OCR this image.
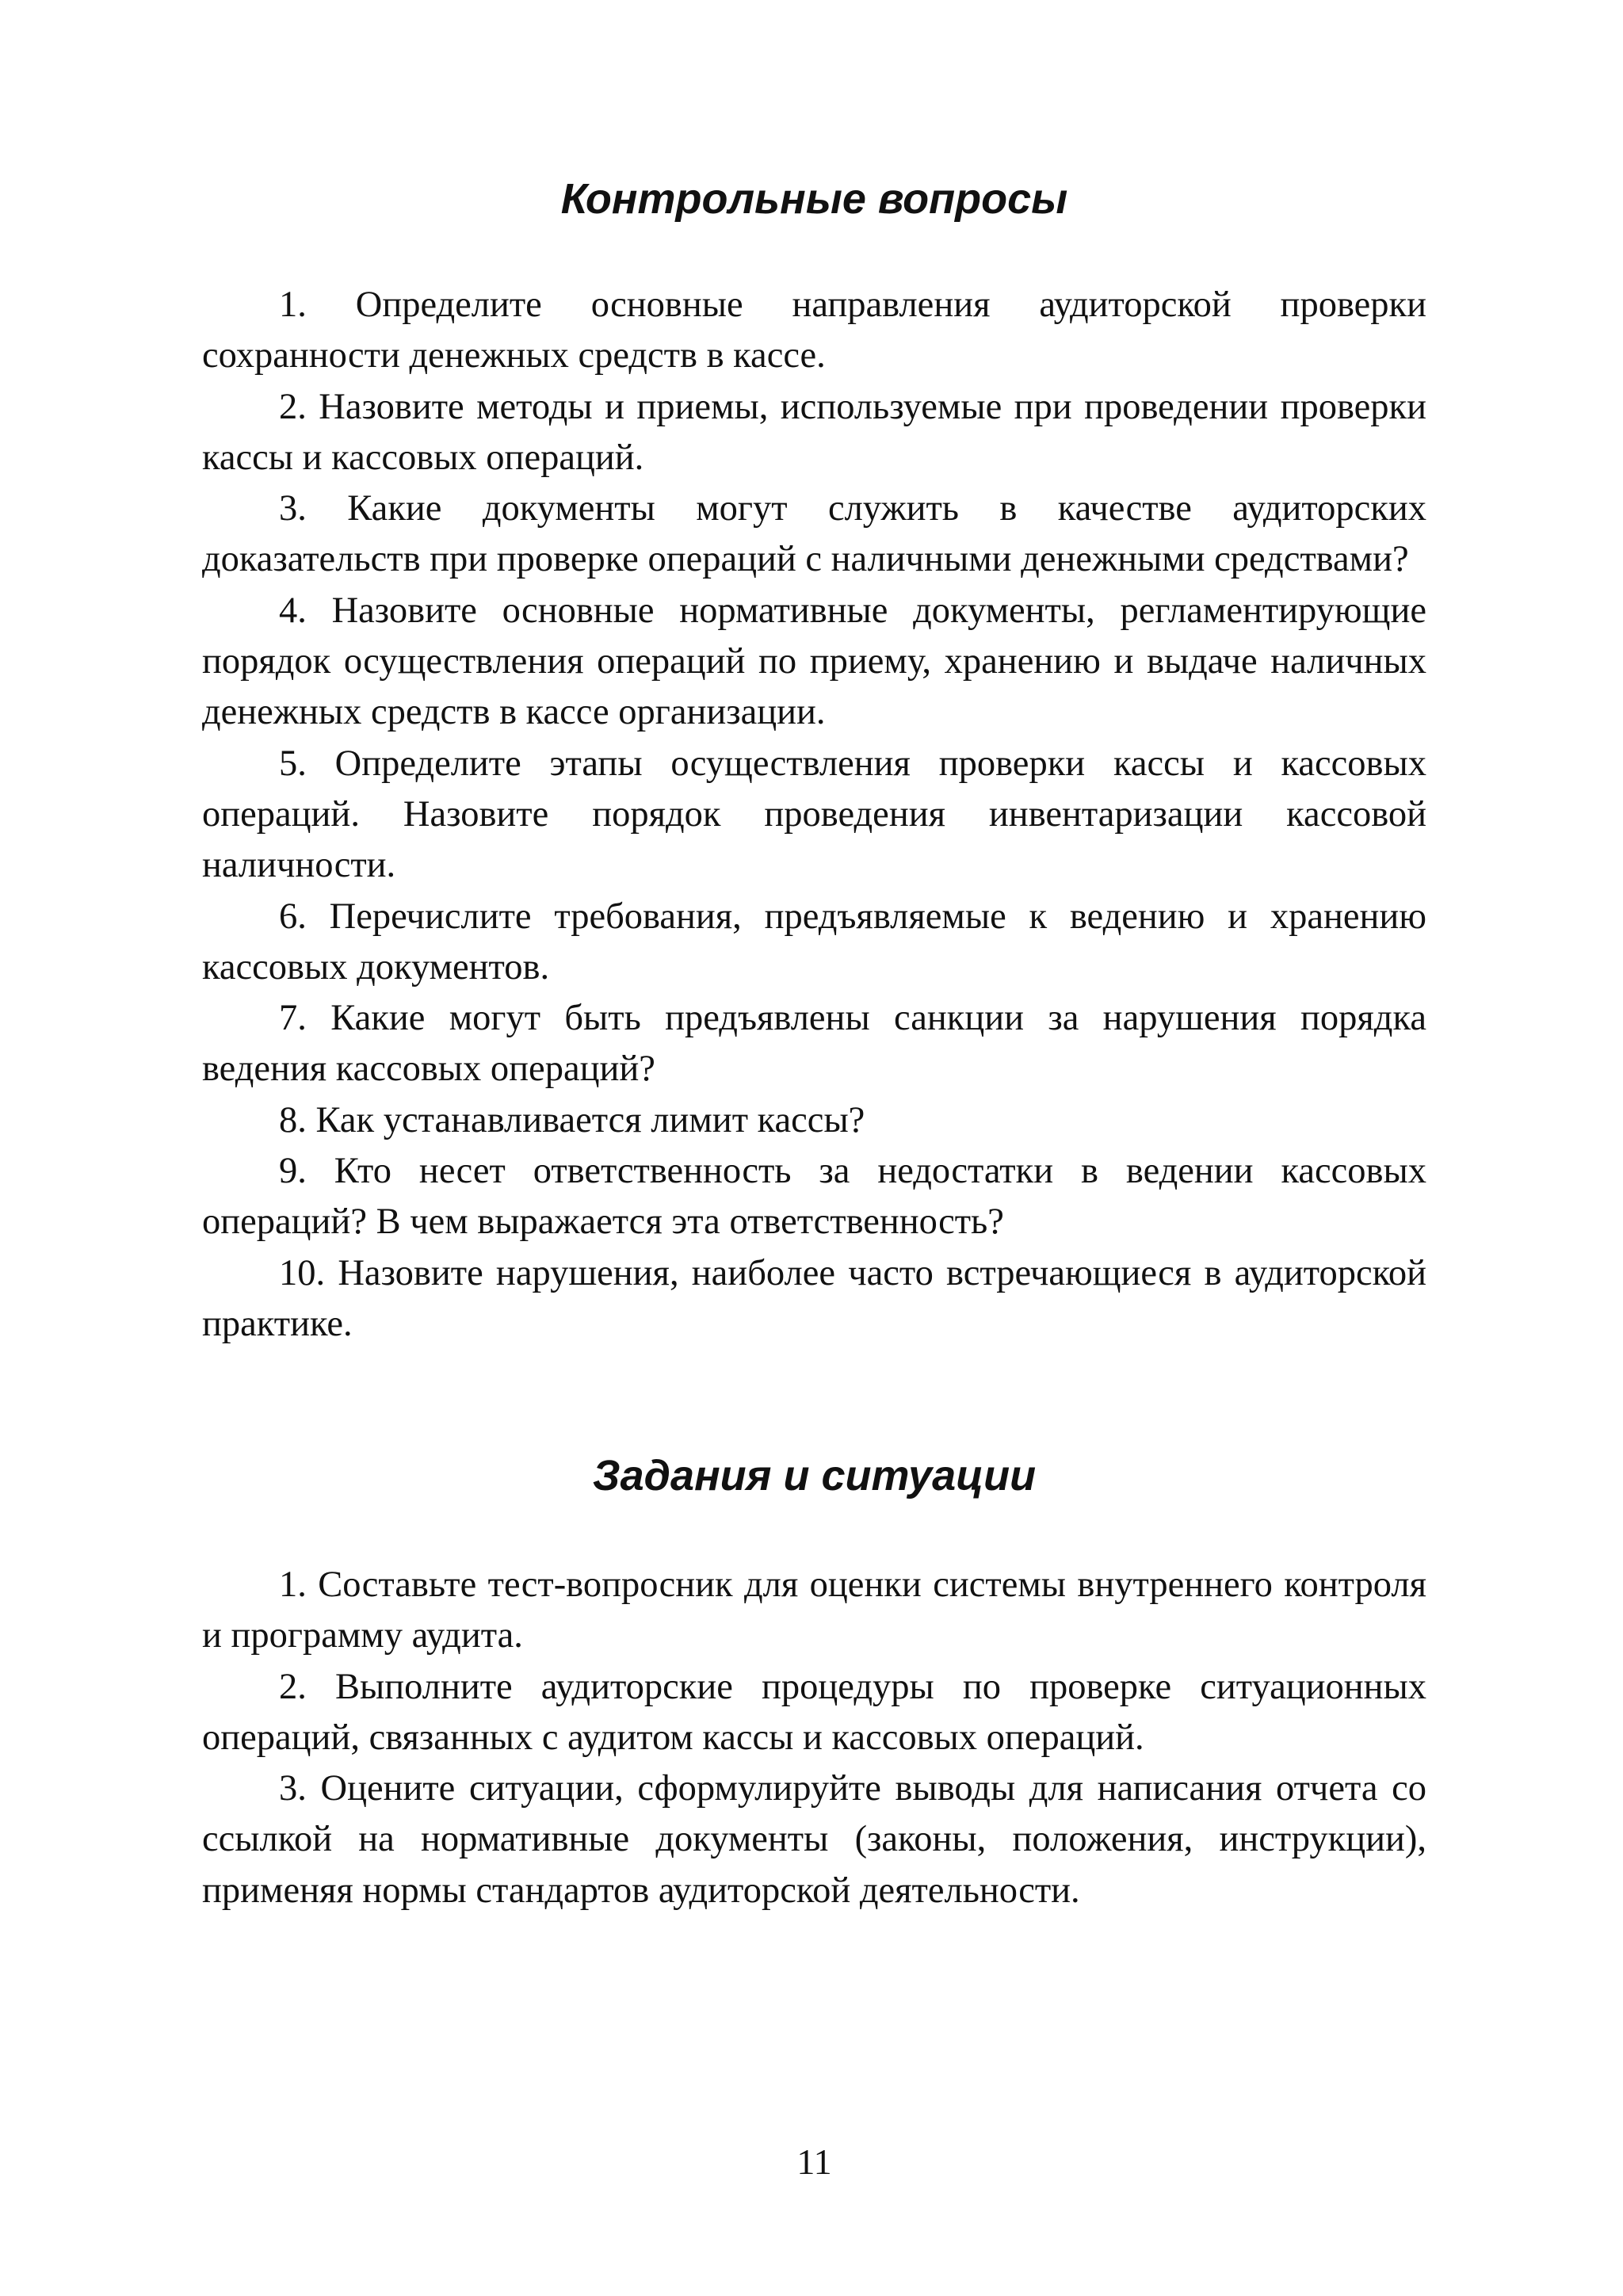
Контрольные вопросы

1. Определите основные направления аудиторской проверки сохранности денежных средств в кассе.

2. Назовите методы и приемы, используемые при проведении проверки кассы и кассовых операций.

3. Какие документы могут служить в качестве аудиторских доказательств при проверке операций с наличными денежными средствами?

4. Назовите основные нормативные документы, регламентирующие порядок осуществления операций по приему, хранению и выдаче наличных денежных средств в кассе организации.

5. Определите этапы осуществления проверки кассы и кассовых операций. Назовите порядок проведения инвентаризации кассовой наличности.

6. Перечислите требования, предъявляемые к ведению и хранению кассовых документов.

7. Какие могут быть предъявлены санкции за нарушения порядка ведения кассовых операций?

8. Как устанавливается лимит кассы?

9. Кто несет ответственность за недостатки в ведении кассовых операций? В чем выражается эта ответственность?

10. Назовите нарушения, наиболее часто встречающиеся в аудиторской практике.

Задания и ситуации

1. Составьте тест-вопросник для оценки системы внутреннего контроля и программу аудита.

2. Выполните аудиторские процедуры по проверке ситуационных операций, связанных с аудитом кассы и кассовых операций.

3. Оцените ситуации, сформулируйте выводы для написания отчета со ссылкой на нормативные документы (законы, положения, инструкции), применяя нормы стандартов аудиторской деятельности.

11
